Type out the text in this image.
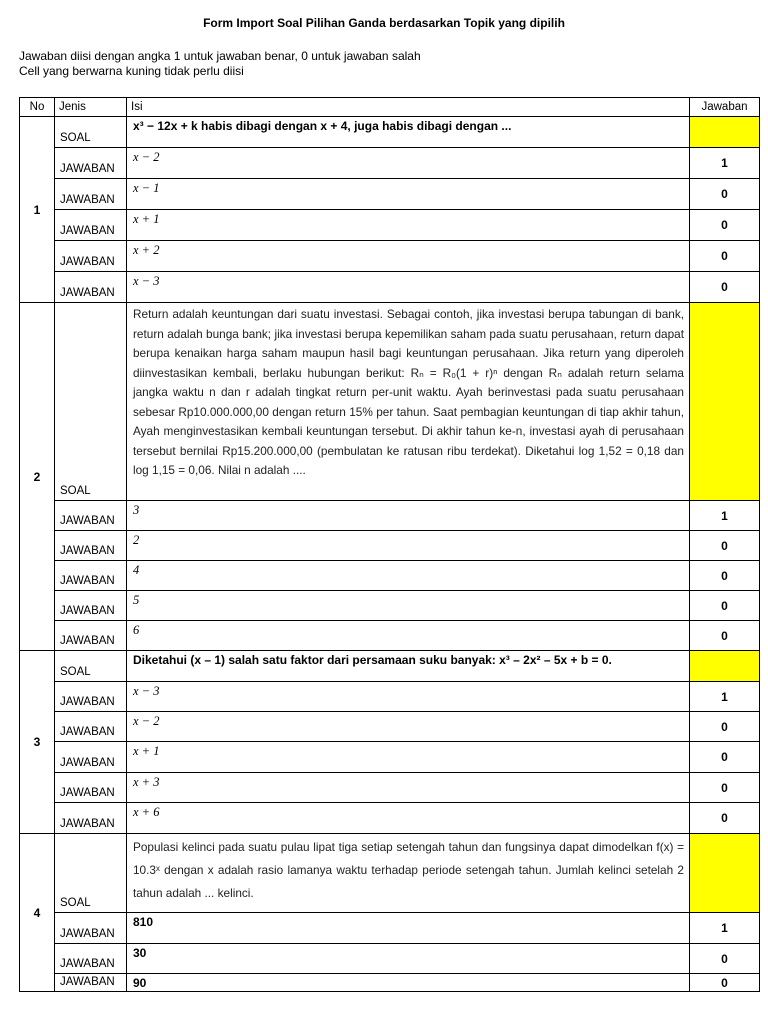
Form Import Soal Pilihan Ganda berdasarkan Topik yang dipilih
Jawaban diisi dengan angka 1 untuk jawaban benar, 0 untuk jawaban salah
Cell yang berwarna kuning tidak perlu diisi
No	Jenis	Isi	Jawaban
1	SOAL	x³ − 12x + k habis dibagi dengan x + 4, juga habis dibagi dengan ...	
	JAWABAN	x − 2	1
	JAWABAN	x − 1	0
	JAWABAN	x + 1	0
	JAWABAN	x + 2	0
	JAWABAN	x − 3	0
2	SOAL	Return adalah keuntungan dari suatu investasi. Sebagai contoh, jika investasi berupa tabungan di bank, return adalah bunga bank; jika investasi berupa kepemilikan saham pada suatu perusahaan, return dapat berupa kenaikan harga saham maupun hasil bagi keuntungan perusahaan. Jika return yang diperoleh diinvestasikan kembali, berlaku hubungan berikut: Rₙ = R₀(1 + r)ⁿ dengan Rₙ adalah return selama jangka waktu n dan r adalah tingkat return per-unit waktu. Ayah berinvestasi pada suatu perusahaan sebesar Rp10.000.000,00 dengan return 15% per tahun. Saat pembagian keuntungan di tiap akhir tahun, Ayah menginvestasikan kembali keuntungan tersebut. Di akhir tahun ke-n, investasi ayah di perusahaan tersebut bernilai Rp15.200.000,00 (pembulatan ke ratusan ribu terdekat). Diketahui log 1,52 = 0,18 dan log 1,15 = 0,06. Nilai n adalah ....	

	JAWABAN	3	1
	JAWABAN	2	0
	JAWABAN	4	0
	JAWABAN	5	0
	JAWABAN	6	0
3	SOAL	Diketahui (x – 1) salah satu faktor dari persamaan suku banyak: x³ – 2x² – 5x + b = 0.	
	JAWABAN	x − 3	1
	JAWABAN	x − 2	0
	JAWABAN	x + 1	0
	JAWABAN	x + 3	0
	JAWABAN	x + 6	0
4	SOAL	Populasi kelinci pada suatu pulau lipat tiga setiap setengah tahun dan fungsinya dapat dimodelkan f(x) = 10.3ˣ dengan x adalah rasio lamanya waktu terhadap periode setengah tahun. Jumlah kelinci setelah 2 tahun adalah ... kelinci.	

	JAWABAN	810	1
	JAWABAN	30	0
	JAWABAN	90	0
